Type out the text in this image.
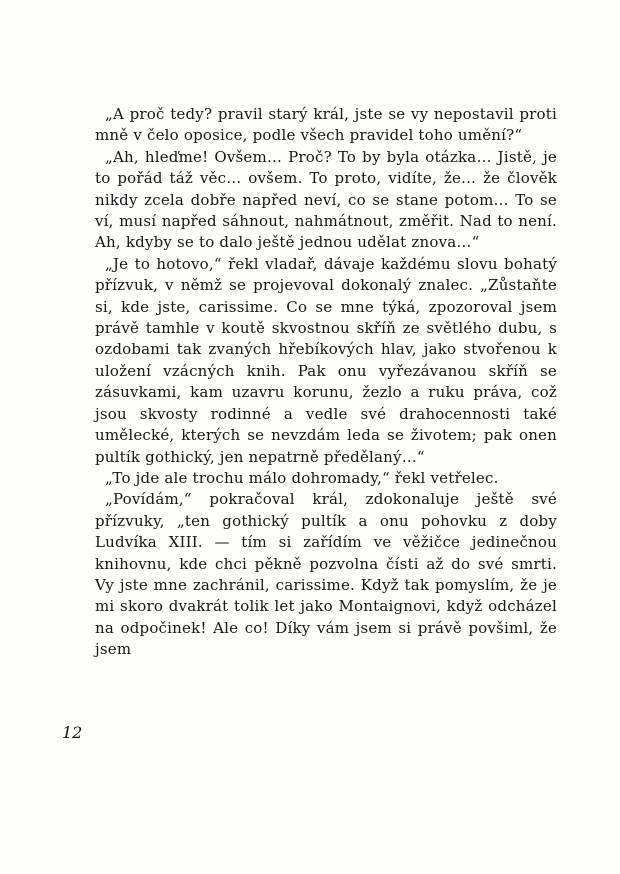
„A proč tedy? pravil starý král, jste se vy nepostavil proti mně v čelo oposice, podle všech pravidel toho umění?“

„Ah, hleďme! Ovšem… Proč? To by byla otázka… Jistě, je to pořád táž věc… ovšem. To proto, vidíte, že… že člověk nikdy zcela dobře napřed neví, co se stane potom… To se ví, musí napřed sáhnout, nahmátnout, změřit. Nad to není. Ah, kdyby se to dalo ještě jednou udělat znova…“

„Je to hotovo,“ řekl vladař, dávaje každému slovu bohatý přízvuk, v němž se projevoval dokonalý znalec. „Zůstaňte si, kde jste, carissime. Co se mne týká, zpozoroval jsem právě tamhle v koutě skvostnou skříň ze světlého dubu, s ozdobami tak zvaných hřebíkových hlav, jako stvořenou k uložení vzácných knih. Pak onu vyřezávanou skříň se zásuvkami, kam uzavru korunu, žezlo a ruku práva, což jsou skvosty rodinné a vedle své drahocennosti také umělecké, kterých se nevzdám leda se životem; pak onen pultík gothický, jen nepatrně předělaný…“

„To jde ale trochu málo dohromady,“ řekl vetřelec.

„Povídám,“ pokračoval král, zdokonaluje ještě své přízvuky, „ten gothický pultík a onu pohovku z doby Ludvíka XIII. — tím si zařídím ve věžičce jedinečnou knihovnu, kde chci pěkně pozvolna čísti až do své smrti. Vy jste mne zachránil, carissime. Když tak pomyslím, že je mi skoro dvakrát tolik let jako Montaignovi, když odcházel na odpočinek! Ale co! Díky vám jsem si právě povšiml, že jsem

12
